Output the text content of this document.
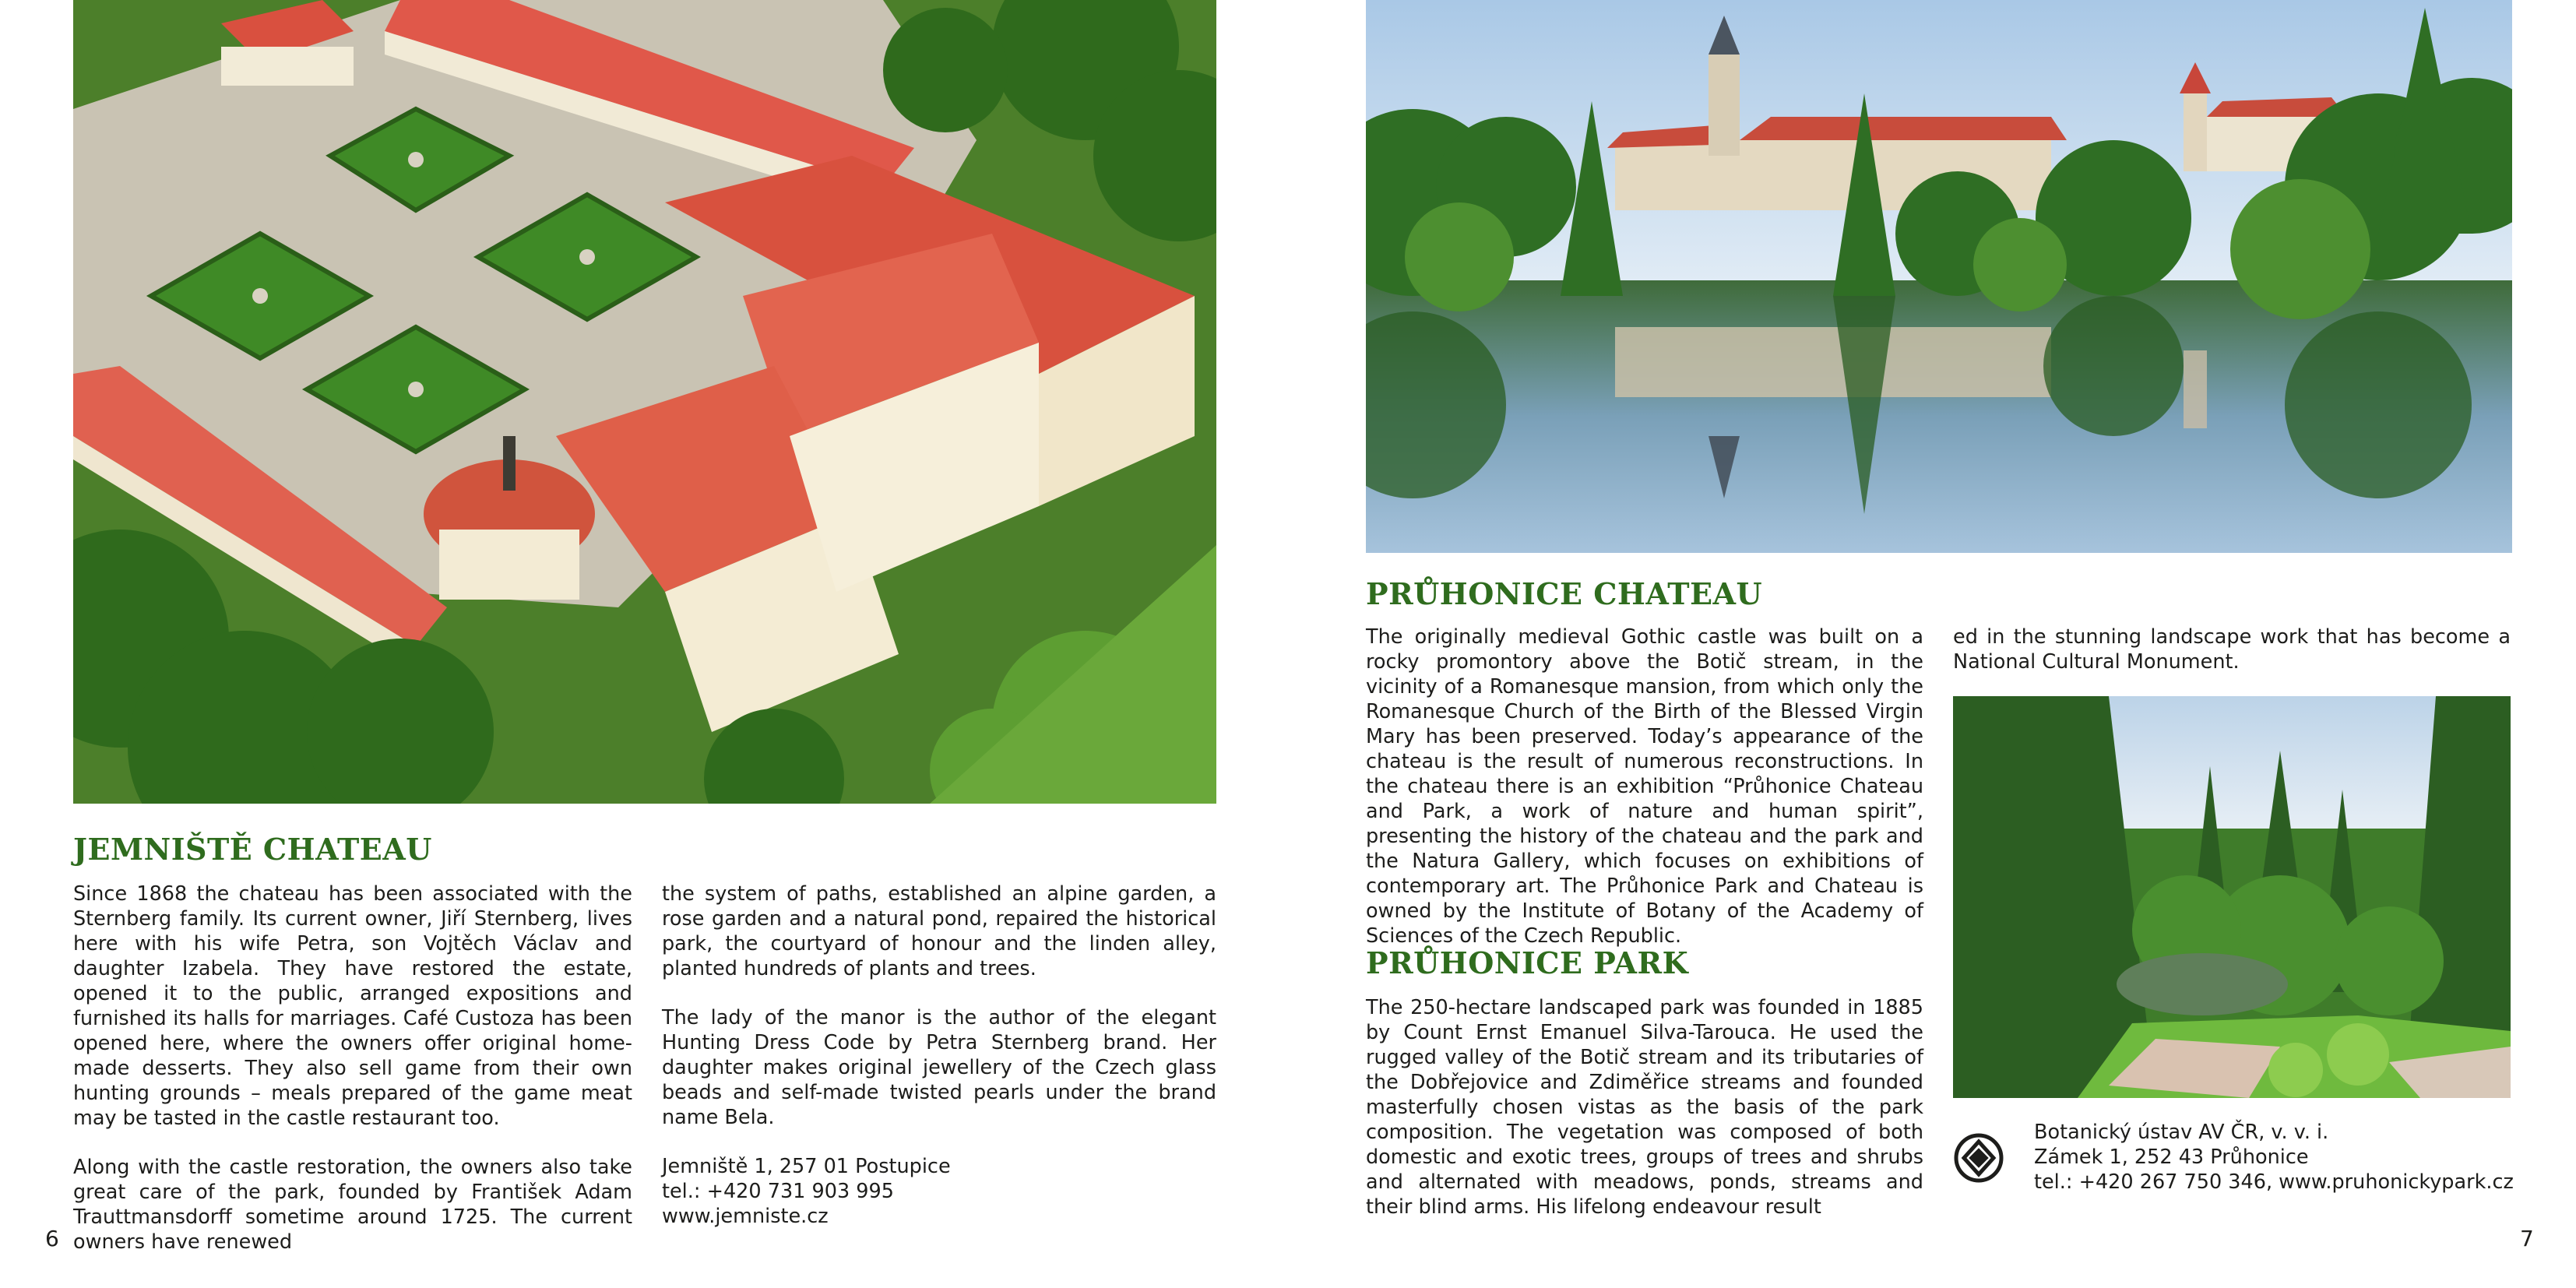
JEMNIŠTĚ CHATEAU

Since 1868 the chateau has been associated with the Sternberg family. Its current owner, Jiří Sternberg, lives here with his wife Petra, son Vojtěch Václav and daughter Izabela. They have restored the estate, opened it to the public, arranged expositions and furnished its halls for marriages. Café Custoza has been opened here, where the owners offer original home-made desserts. They also sell game from their own hunting grounds – meals prepared of the game meat may be tasted in the castle restaurant too.

Along with the castle restoration, the owners also take great care of the park, founded by František Adam Trauttmansdorff sometime around 1725. The current owners have renewed

the system of paths, established an alpine garden, a rose garden and a natural pond, repaired the historical park, the courtyard of honour and the linden alley, planted hundreds of plants and trees.

The lady of the manor is the author of the elegant Hunting Dress Code by Petra Sternberg brand. Her daughter makes original jewellery of the Czech glass beads and self-made twisted pearls under the brand name Bela.

Jemniště 1, 257 01 Postupice

tel.: +420 731 903 995

www.jemniste.cz

6
PRŮHONICE CHATEAU

The originally medieval Gothic castle was built on a rocky promontory above the Botič stream, in the vicinity of a Romanesque mansion, from which only the Romanesque Church of the Birth of the Blessed Virgin Mary has been preserved. Today’s appearance of the chateau is the result of numerous reconstructions. In the chateau there is an exhibition “Průhonice Chateau and Park, a work of nature and human spirit”, presenting the history of the chateau and the park and the Natura Gallery, which focuses on exhibitions of contemporary art. The Průhonice Park and Chateau is owned by the Institute of Botany of the Academy of Sciences of the Czech Republic.

PRŮHONICE PARK

The 250-hectare landscaped park was founded in 1885 by Count Ernst Emanuel Silva-Tarouca. He used the rugged valley of the Botič stream and its tributaries of the Dobřejovice and Zdiměřice streams and founded masterfully chosen vistas as the basis of the park composition. The vegetation was composed of both domestic and exotic trees, groups of trees and shrubs and alternated with meadows, ponds, streams and their blind arms. His lifelong endeavour result

ed in the stunning landscape work that has become a National Cultural Monument.

Botanický ústav AV ČR, v. v. i.

Zámek 1, 252 43 Průhonice

tel.: +420 267 750 346, www.pruhonickypark.cz

7
